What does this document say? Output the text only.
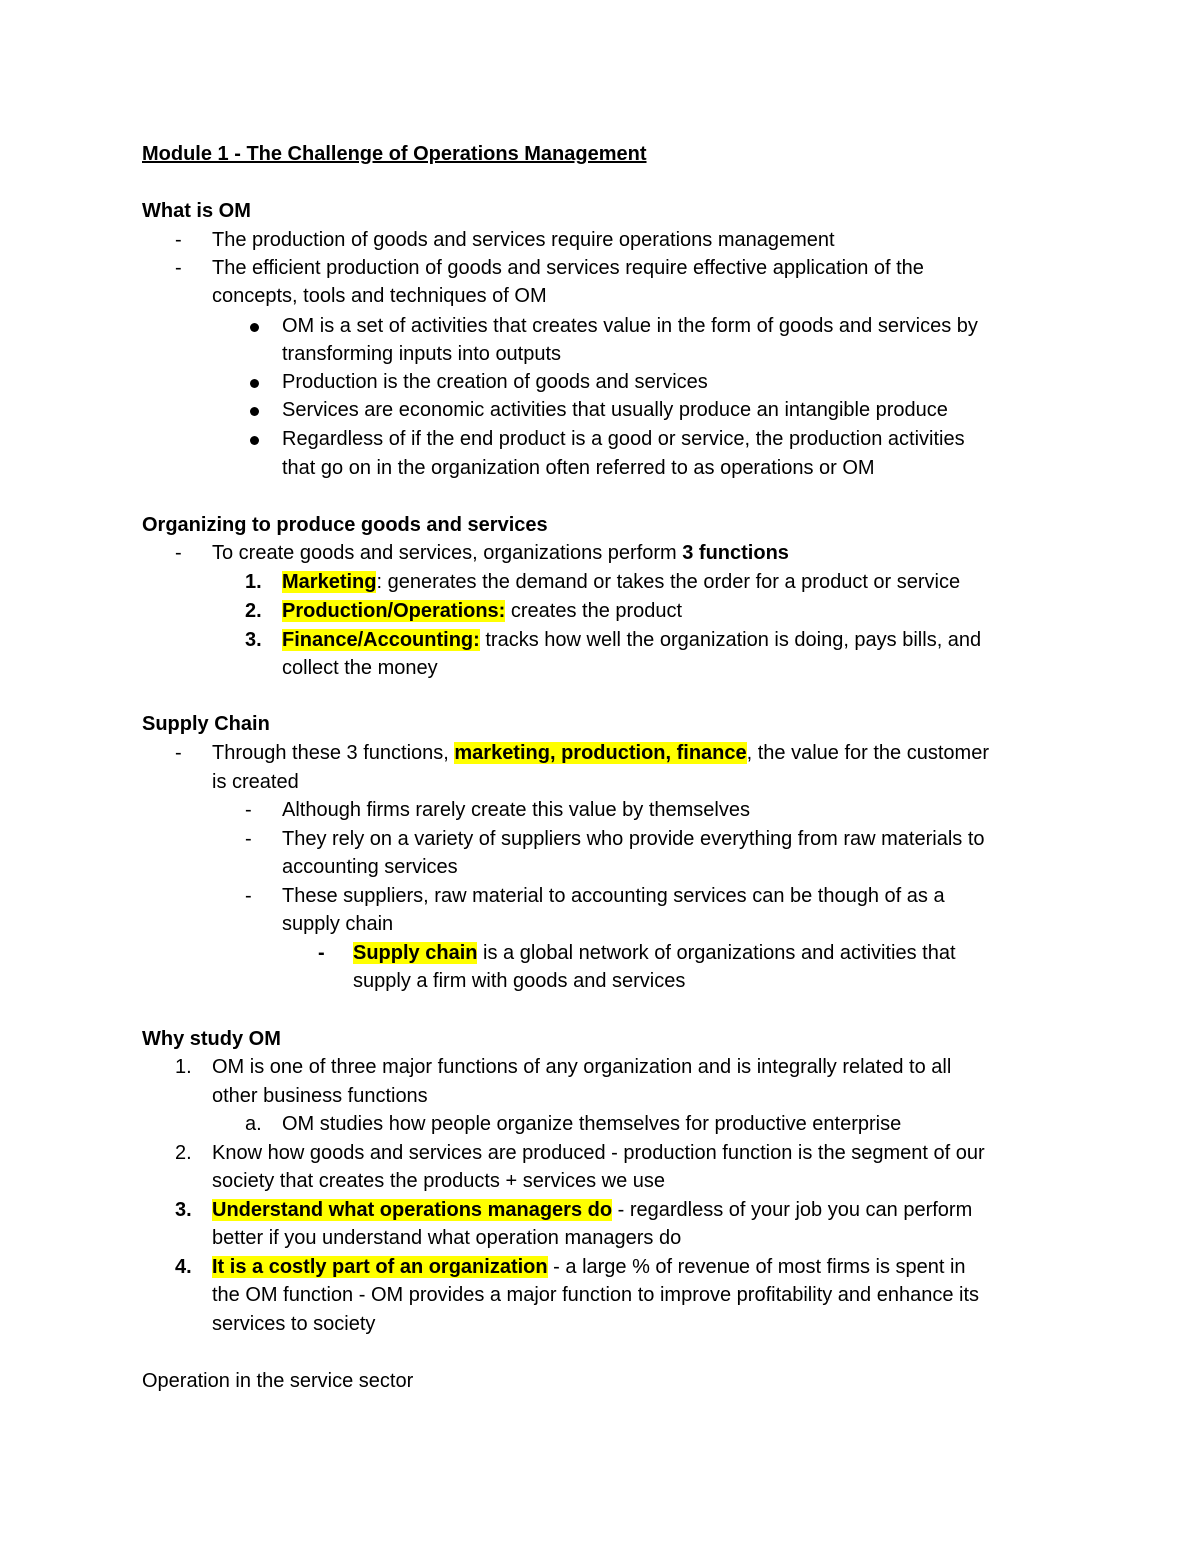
Module 1 - The Challenge of Operations Management

What is OM

-	The production of goods and services require operations management

-	The efficient production of goods and services require effective application of the

concepts, tools and techniques of OM

OM is a set of activities that creates value in the form of goods and services by

transforming inputs into outputs

Production is the creation of goods and services

Services are economic activities that usually produce an intangible produce

Regardless of if the end product is a good or service, the production activities

that go on in the organization often referred to as operations or OM

Organizing to produce goods and services

-	To create goods and services, organizations perform 3 functions

1.	Marketing: generates the demand or takes the order for a product or service

2.	Production/Operations: creates the product

3.	Finance/Accounting: tracks how well the organization is doing, pays bills, and

collect the money

Supply Chain

-	Through these 3 functions, marketing, production, finance, the value for the customer

is created

-	Although firms rarely create this value by themselves

-	They rely on a variety of suppliers who provide everything from raw materials to

accounting services

-	These suppliers, raw material to accounting services can be though of as a

supply chain

-	Supply chain is a global network of organizations and activities that

supply a firm with goods and services

Why study OM

1.	OM is one of three major functions of any organization and is integrally related to all

other business functions

a.	OM studies how people organize themselves for productive enterprise

2.	Know how goods and services are produced - production function is the segment of our

society that creates the products + services we use

3.	Understand what operations managers do - regardless of your job you can perform

better if you understand what operation managers do

4.	It is a costly part of an organization - a large % of revenue of most firms is spent in

the OM function - OM provides a major function to improve profitability and enhance its

services to society

Operation in the service sector
